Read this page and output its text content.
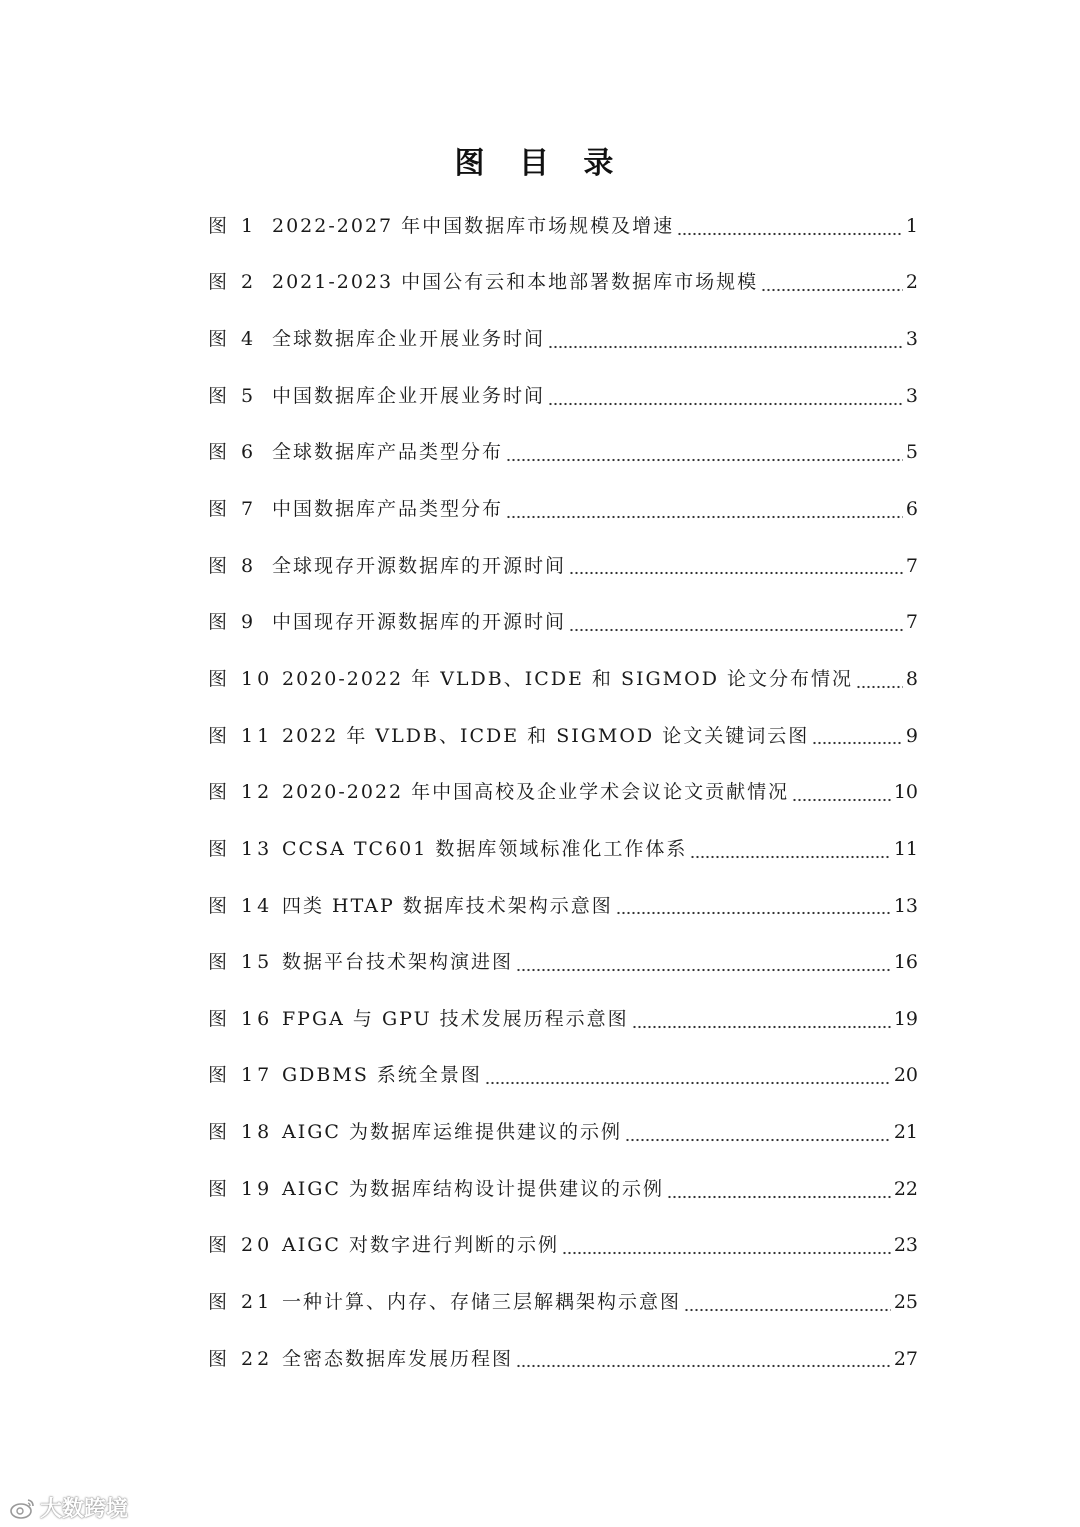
图 目 录
图 1 2022-2027 年中国数据库市场规模及增速	1
图 2 2021-2023 中国公有云和本地部署数据库市场规模	2
图 4 全球数据库企业开展业务时间	3
图 5 中国数据库企业开展业务时间	3
图 6 全球数据库产品类型分布	5
图 7 中国数据库产品类型分布	6
图 8 全球现存开源数据库的开源时间	7
图 9 中国现存开源数据库的开源时间	7
图 10 2020-2022 年 VLDB、ICDE 和 SIGMOD 论文分布情况	8
图 11 2022 年 VLDB、ICDE 和 SIGMOD 论文关键词云图	9
图 12 2020-2022 年中国高校及企业学术会议论文贡献情况	10
图 13 CCSA TC601 数据库领域标准化工作体系	11
图 14 四类 HTAP 数据库技术架构示意图	13
图 15 数据平台技术架构演进图	16
图 16 FPGA 与 GPU 技术发展历程示意图	19
图 17 GDBMS 系统全景图	20
图 18 AIGC 为数据库运维提供建议的示例	21
图 19 AIGC 为数据库结构设计提供建议的示例	22
图 20 AIGC 对数字进行判断的示例	23
图 21 一种计算、内存、存储三层解耦架构示意图	25
图 22 全密态数据库发展历程图	27
大数跨境
